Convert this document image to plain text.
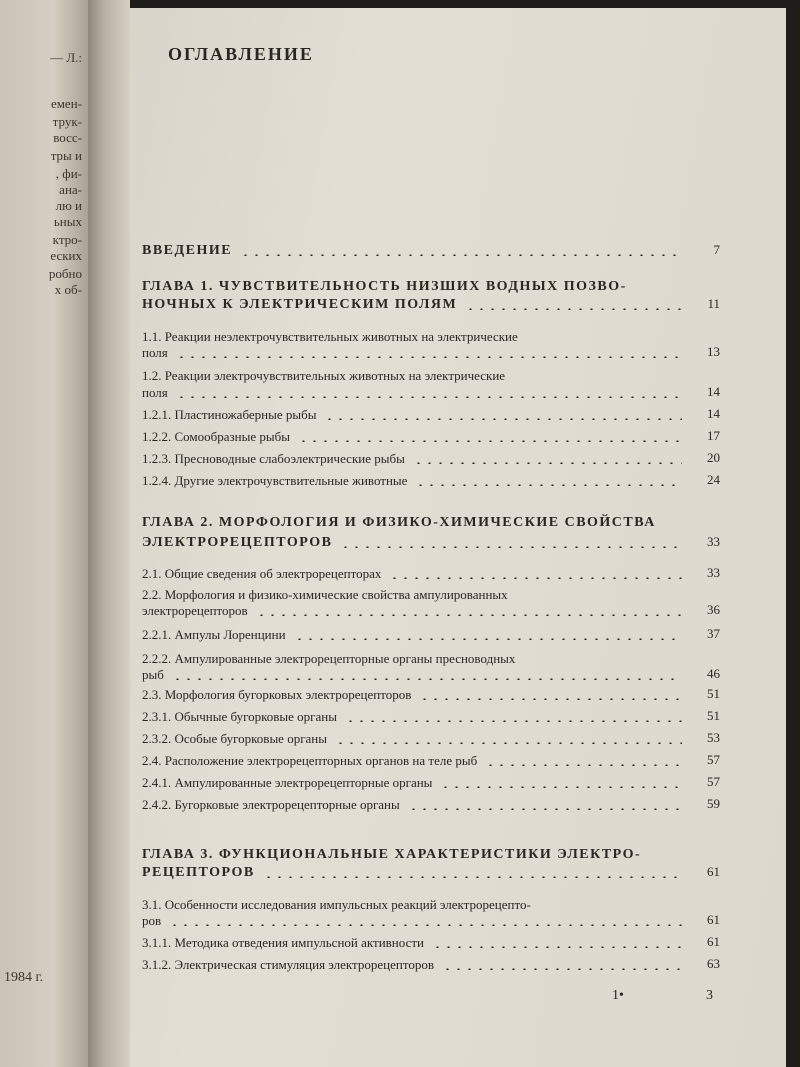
— Л.:
емен-
трук-
восс-
тры и
, фи-
ана-
лю и
ьных
ктро-
еских
робно
х об-
1984 г.
ОГЛАВЛЕНИЕ
ВВЕДЕНИЕ	7
ГЛАВА 1. ЧУВСТВИТЕЛЬНОСТЬ НИЗШИХ ВОДНЫХ ПОЗВО-
НОЧНЫХ К ЭЛЕКТРИЧЕСКИМ ПОЛЯМ	11
1.1. Реакции неэлектрочувствительных животных на электрические
поля	13
1.2. Реакции электрочувствительных животных на электрические
поля	14
1.2.1. Пластиножаберные рыбы	14
1.2.2. Сомообразные рыбы	17
1.2.3. Пресноводные слабоэлектрические рыбы	20
1.2.4. Другие электрочувствительные животные	24
ГЛАВА 2. МОРФОЛОГИЯ И ФИЗИКО-ХИМИЧЕСКИЕ СВОЙСТВА
ЭЛЕКТРОРЕЦЕПТОРОВ	33
2.1. Общие сведения об электрорецепторах	33
2.2. Морфология и физико-химические свойства ампулированных
электрорецепторов	36
2.2.1. Ампулы Лоренцини	37
2.2.2. Ампулированные электрорецепторные органы пресноводных
рыб	46
2.3. Морфология бугорковых электрорецепторов	51
2.3.1. Обычные бугорковые органы	51
2.3.2. Особые бугорковые органы	53
2.4. Расположение электрорецепторных органов на теле рыб	57
2.4.1. Ампулированные электрорецепторные органы	57
2.4.2. Бугорковые электрорецепторные органы	59
ГЛАВА 3. ФУНКЦИОНАЛЬНЫЕ ХАРАКТЕРИСТИКИ ЭЛЕКТРО-
РЕЦЕПТОРОВ	61
3.1. Особенности исследования импульсных реакций электрорецепто-
ров	61
3.1.1. Методика отведения импульсной активности	61
3.1.2. Электрическая стимуляция электрорецепторов	63
1•	3
